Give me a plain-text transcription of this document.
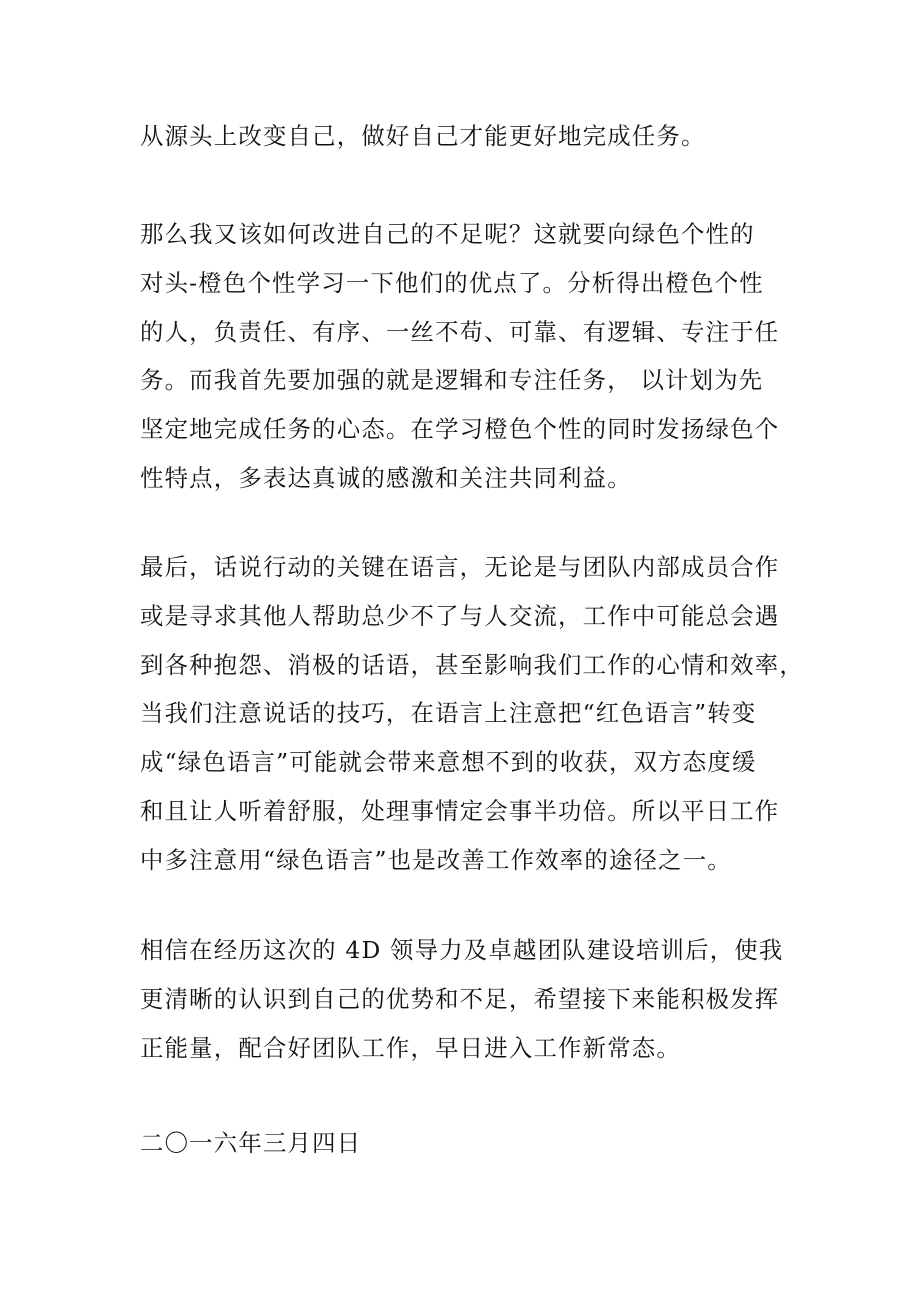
从源头上改变自己，做好自己才能更好地完成任务。

那么我又该如何改进自己的不足呢？这就要向绿色个性的
对头-橙色个性学习一下他们的优点了。分析得出橙色个性
的人，负责任、有序、一丝不苟、可靠、有逻辑、专注于任
务。而我首先要加强的就是逻辑和专注任务， 以计划为先
坚定地完成任务的心态。在学习橙色个性的同时发扬绿色个
性特点，多表达真诚的感激和关注共同利益。

最后，话说行动的关键在语言，无论是与团队内部成员合作
或是寻求其他人帮助总少不了与人交流，工作中可能总会遇
到各种抱怨、消极的话语，甚至影响我们工作的心情和效率，
当我们注意说话的技巧，在语言上注意把“红色语言”转变
成“绿色语言”可能就会带来意想不到的收获，双方态度缓
和且让人听着舒服，处理事情定会事半功倍。所以平日工作
中多注意用“绿色语言”也是改善工作效率的途径之一。

相信在经历这次的 4D 领导力及卓越团队建设培训后，使我
更清晰的认识到自己的优势和不足，希望接下来能积极发挥
正能量，配合好团队工作，早日进入工作新常态。

二〇一六年三月四日
